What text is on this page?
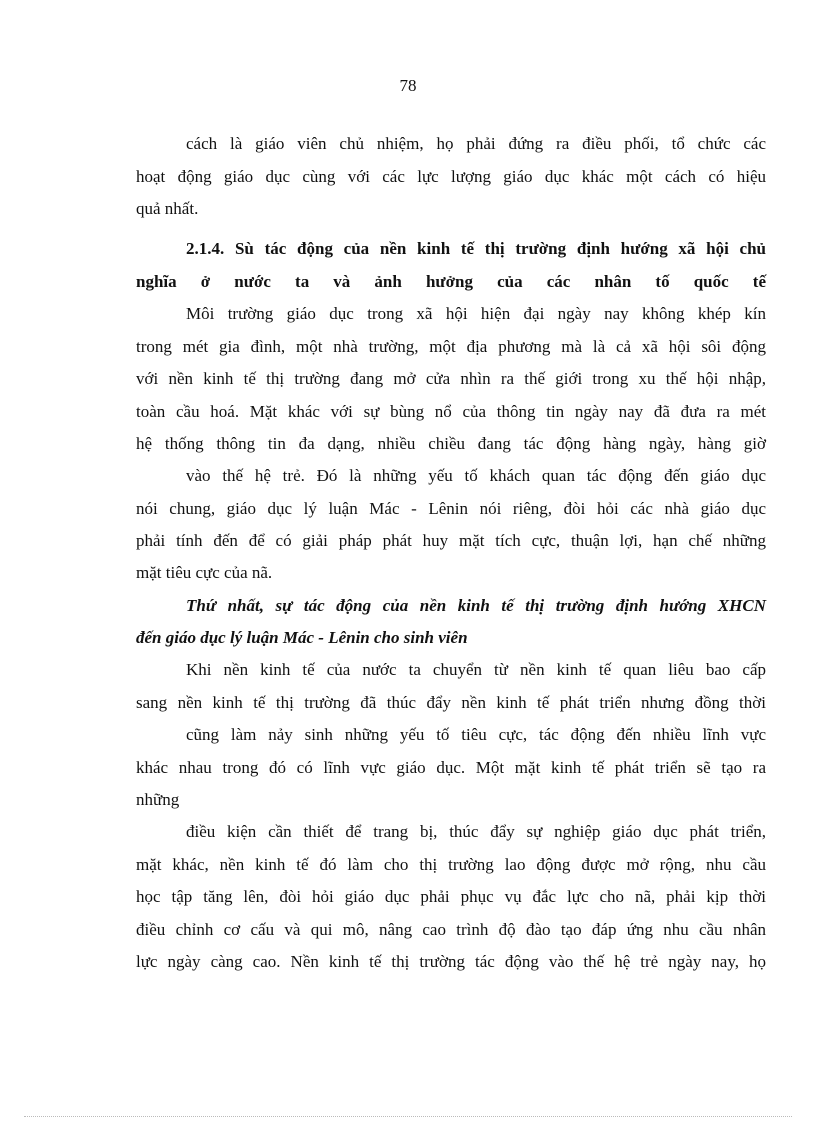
78
cách là giáo viên chủ nhiệm, họ phải đứng ra điều phối, tổ chức các
hoạt động giáo dục cùng với các lực lượng giáo dục khác một cách có hiệu
quả nhất.
2.1.4. Sù tác động của nền kinh tế thị trường định hướng xã hội chủ
nghĩa ở nước ta và ảnh hưởng của các nhân tố quốc tế
Môi trường giáo dục trong xã hội hiện đại ngày nay không khép kín
trong mét gia đình, một nhà trường, một địa phương mà là cả xã hội sôi động
với nền kinh tế thị trường đang mở cửa nhìn ra thế giới trong xu thế hội nhập,
toàn cầu hoá. Mặt khác với sự bùng nổ của thông tin ngày nay đã đưa ra mét
hệ thống thông tin đa dạng, nhiều chiều đang tác động hàng ngày, hàng giờ
vào thế hệ trẻ. Đó là những yếu tố khách quan tác động đến giáo dục
nói chung, giáo dục lý luận Mác - Lênin nói riêng, đòi hỏi các nhà giáo dục
phải tính đến để có giải pháp phát huy mặt tích cực, thuận lợi, hạn chế những
mặt tiêu cực của nã.
Thứ nhất, sự tác động của nền kinh tế thị trường định hướng XHCN
đến giáo dục lý luận Mác - Lênin cho sinh viên
Khi nền kinh tế của nước ta chuyển từ nền kinh tế quan liêu bao cấp
sang nền kinh tế thị trường đã thúc đẩy nền kinh tế phát triển nhưng đồng thời
cũng làm nảy sinh những yếu tố tiêu cực, tác động đến nhiều lĩnh vực
khác nhau trong đó có lĩnh vực giáo dục. Một mặt kinh tế phát triển sẽ tạo ra
những
điều kiện cần thiết để trang bị, thúc đẩy sự nghiệp giáo dục phát triển,
mặt khác, nền kinh tế đó làm cho thị trường lao động được mở rộng, nhu cầu
học tập tăng lên, đòi hỏi giáo dục phải phục vụ đắc lực cho nã, phải kịp thời
điều chỉnh cơ cấu và qui mô, nâng cao trình độ đào tạo đáp ứng nhu cầu nhân
lực ngày càng cao. Nền kinh tế thị trường tác động vào thế hệ trẻ ngày nay, họ
